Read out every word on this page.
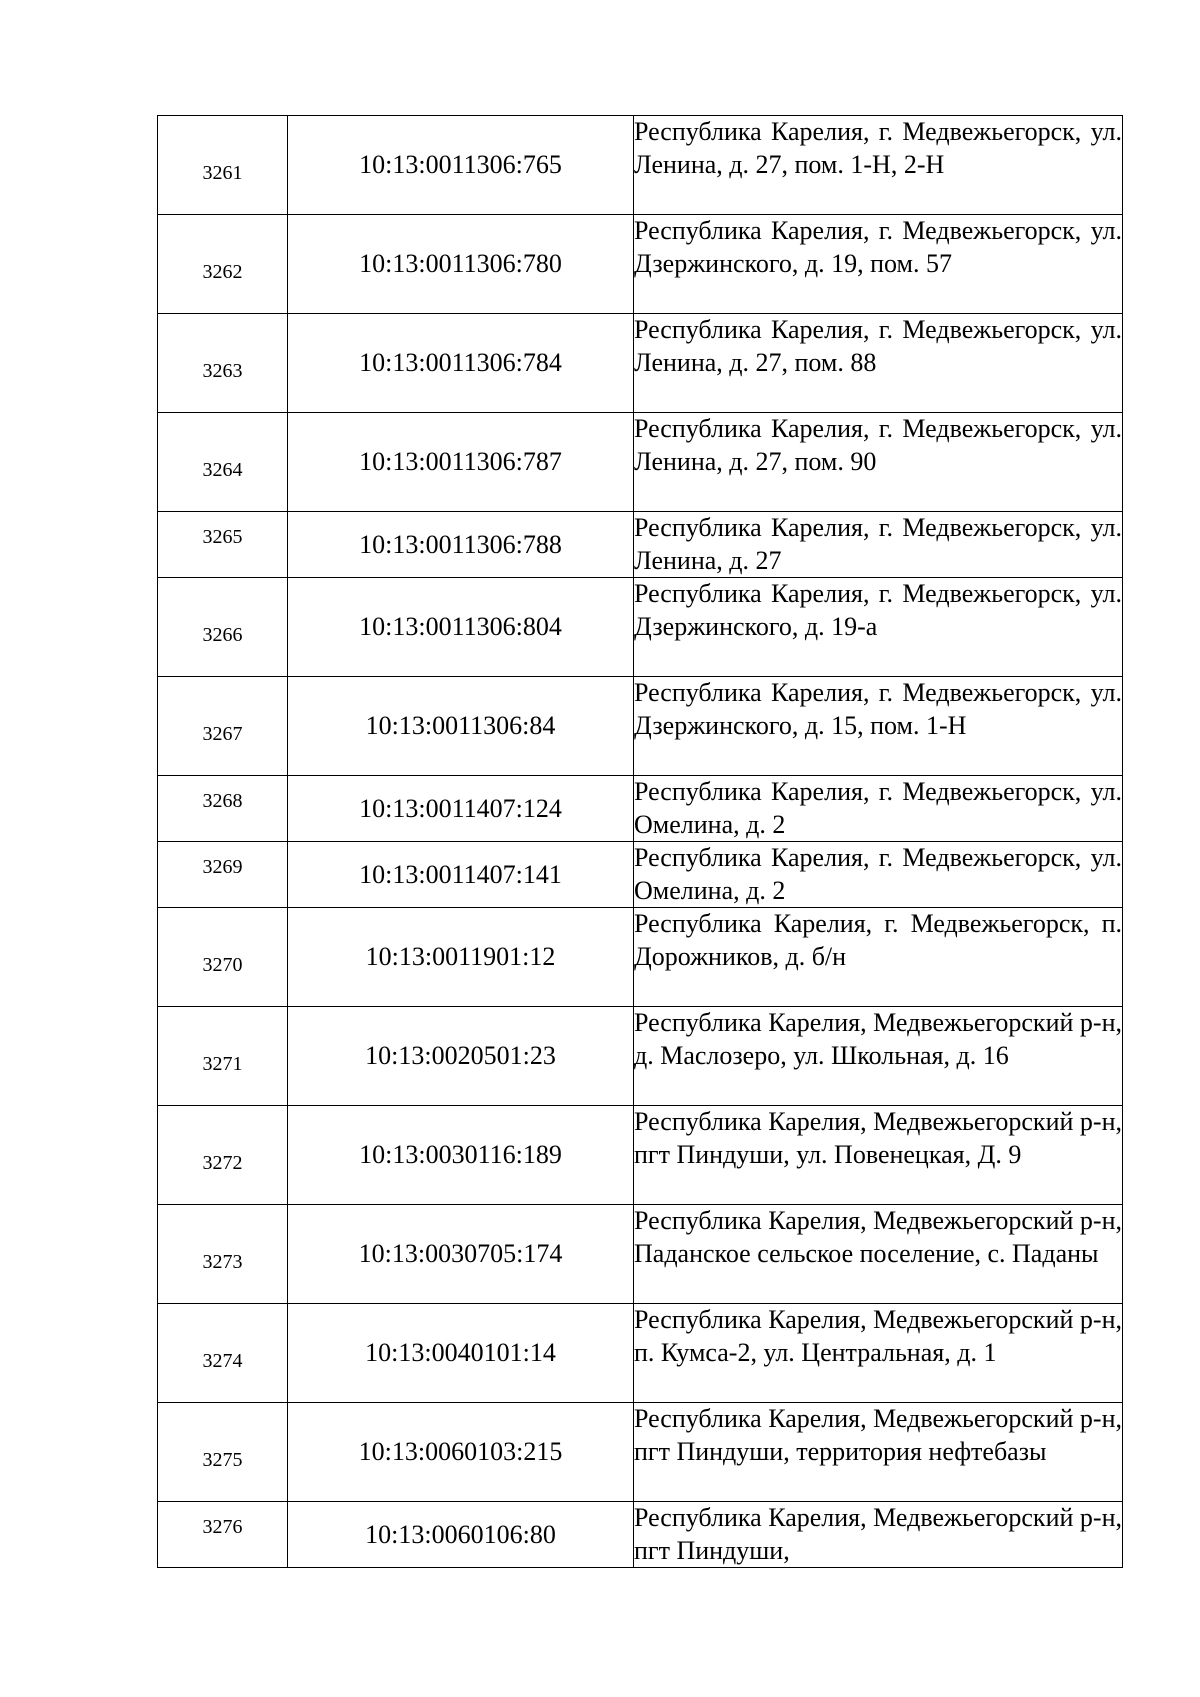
3261	10:13:0011306:765	Республика Карелия, г. Медвежьегорск, ул. Ленина, д. 27, пом. 1-Н, 2-Н
3262	10:13:0011306:780	Республика Карелия, г. Медвежьегорск, ул. Дзержинского, д. 19, пом. 57
3263	10:13:0011306:784	Республика Карелия, г. Медвежьегорск, ул. Ленина, д. 27, пом. 88
3264	10:13:0011306:787	Республика Карелия, г. Медвежьегорск, ул. Ленина, д. 27, пом. 90
3265	10:13:0011306:788	Республика Карелия, г. Медвежьегорск, ул. Ленина, д. 27
3266	10:13:0011306:804	Республика Карелия, г. Медвежьегорск, ул. Дзержинского, д. 19-а
3267	10:13:0011306:84	Республика Карелия, г. Медвежьегорск, ул. Дзержинского, д. 15, пом. 1-Н
3268	10:13:0011407:124	Республика Карелия, г. Медвежьегорск, ул. Омелина, д. 2
3269	10:13:0011407:141	Республика Карелия, г. Медвежьегорск, ул. Омелина, д. 2
3270	10:13:0011901:12	Республика Карелия, г. Медвежьегорск, п. Дорожников, д. б/н
3271	10:13:0020501:23	Республика Карелия, Медвежьегорский р-н, д. Маслозеро, ул. Школьная, д. 16
3272	10:13:0030116:189	Республика Карелия, Медвежьегорский р-н, пгт Пиндуши, ул. Повенецкая, Д. 9
3273	10:13:0030705:174	Республика Карелия, Медвежьегорский р-н, Паданское сельское поселение, с. Паданы
3274	10:13:0040101:14	Республика Карелия, Медвежьегорский р-н, п. Кумса-2, ул. Центральная, д. 1
3275	10:13:0060103:215	Республика Карелия, Медвежьегорский р-н, пгт Пиндуши, территория нефтебазы
3276	10:13:0060106:80	Республика Карелия, Медвежьегорский р-н, пгт Пиндуши,
